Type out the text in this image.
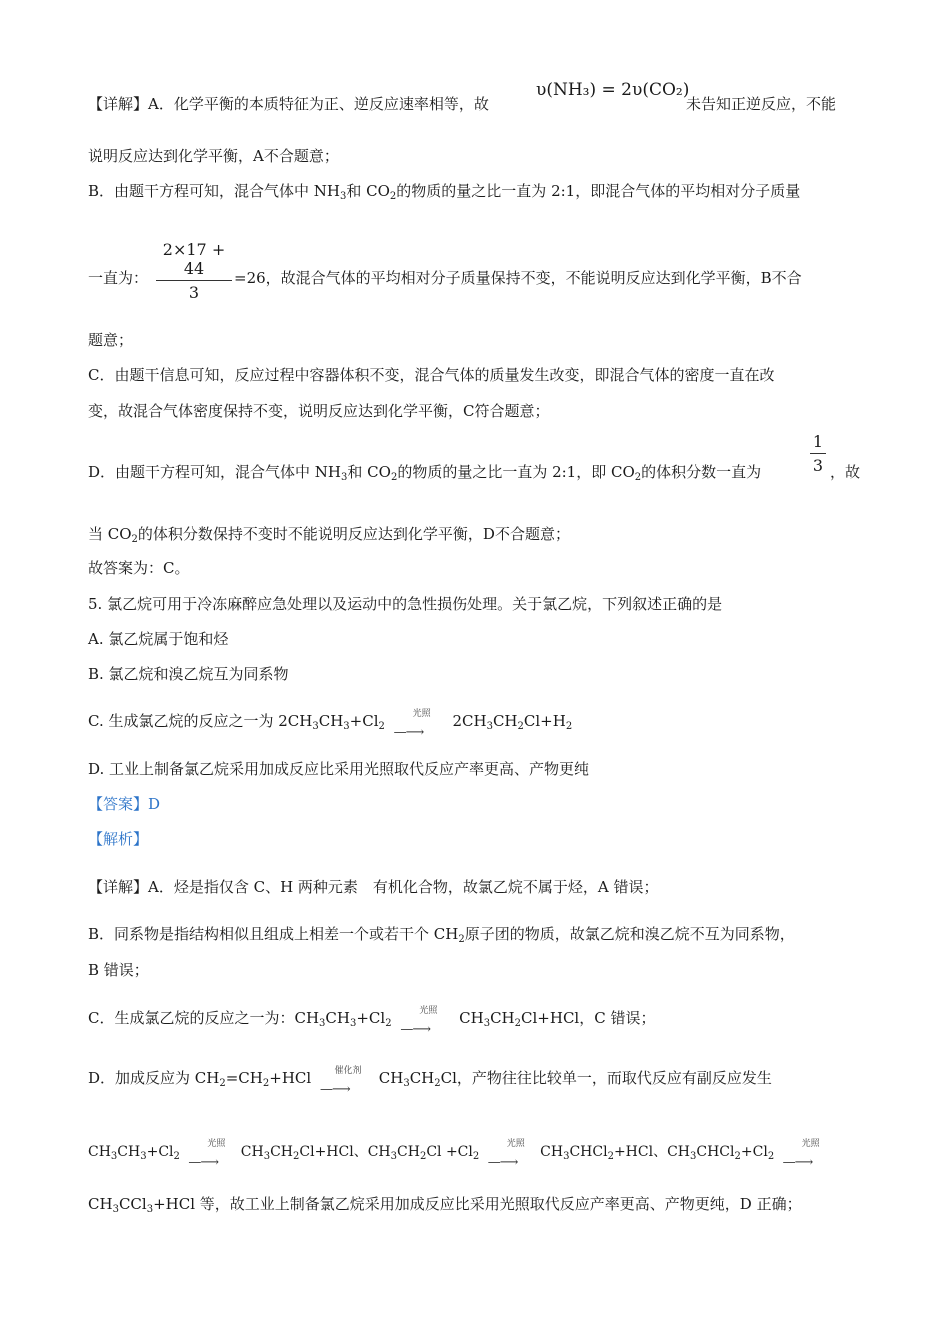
【详解】A．化学平衡的本质特征为正、逆反应速率相等，故
υ(NH₃) = 2υ(CO₂)
未告知正逆反应，不能
说明反应达到化学平衡，A不合题意；
B．由题干方程可知，混合气体中 $NH_3$和 $CO_2$的物质的量之比一直为 2:1，即混合气体的平均相对分子质量
一直为： $\frac{2\times 17 + 44}{3} =26$，故混合气体的平均相对分子质量保持不变，不能说明反应达到化学平衡，B不合
题意；
C．由题干信息可知，反应过程中容器体积不变，混合气体的质量发生改变，即混合气体的密度一直在改
变，故混合气体密度保持不变，说明反应达到化学平衡，C符合题意；
D．由题干方程可知，混合气体中 $NH_3$和 $CO_2$的物质的量之比一直为 2:1，即 $CO_2$的体积分数一直为	$\frac{1}{3}$ ，故
当 $CO_2$的体积分数保持不变时不能说明反应达到化学平衡，D不合题意；
故答案为：C。
5. 氯乙烷可用于冷冻麻醉应急处理以及运动中的急性损伤处理。关于氯乙烷，下列叙述正确的是
A. 氯乙烷属于饱和烃
B. 氯乙烷和溴乙烷互为同系物
C. 生成氯乙烷的反应之一为 $2CH_3CH_3+Cl_2$
光照
—⟶
$2CH_3CH_2Cl+H_2$
D. 工业上制备氯乙烷采用加成反应比采用光照取代反应产率更高、产物更纯
【答案】D
【解析】
【详解】A．烃是指仅含 C、H 两种元素　有机化合物，故氯乙烷不属于烃，A 错误；
B．同系物是指结构相似且组成上相差一个或若干个 $CH_2$原子团的物质，故氯乙烷和溴乙烷不互为同系物，
B 错误；
C．生成氯乙烷的反应之一为：$CH_3CH_3+Cl_2$
光照
—⟶
$CH_3CH_2Cl+HCl$，C 错误；
D．加成反应为 $CH_2=CH_2+HCl$	催化剂
—⟶
$CH_3CH_2Cl$，产物往往比较单一，而取代反应有副反应发生
$CH_3CH_3+Cl_2$
光照
—⟶
$CH_3CH_2Cl+HCl$、$CH_3CH_2Cl +Cl_2$
光照
—⟶
$CH_3CHCl_2+HCl$、$CH_3CHCl_2+Cl_2$
光照
—⟶
$CH_3CCl_3+HCl$ 等，故工业上制备氯乙烷采用加成反应比采用光照取代反应产率更高、产物更纯，D 正确；
